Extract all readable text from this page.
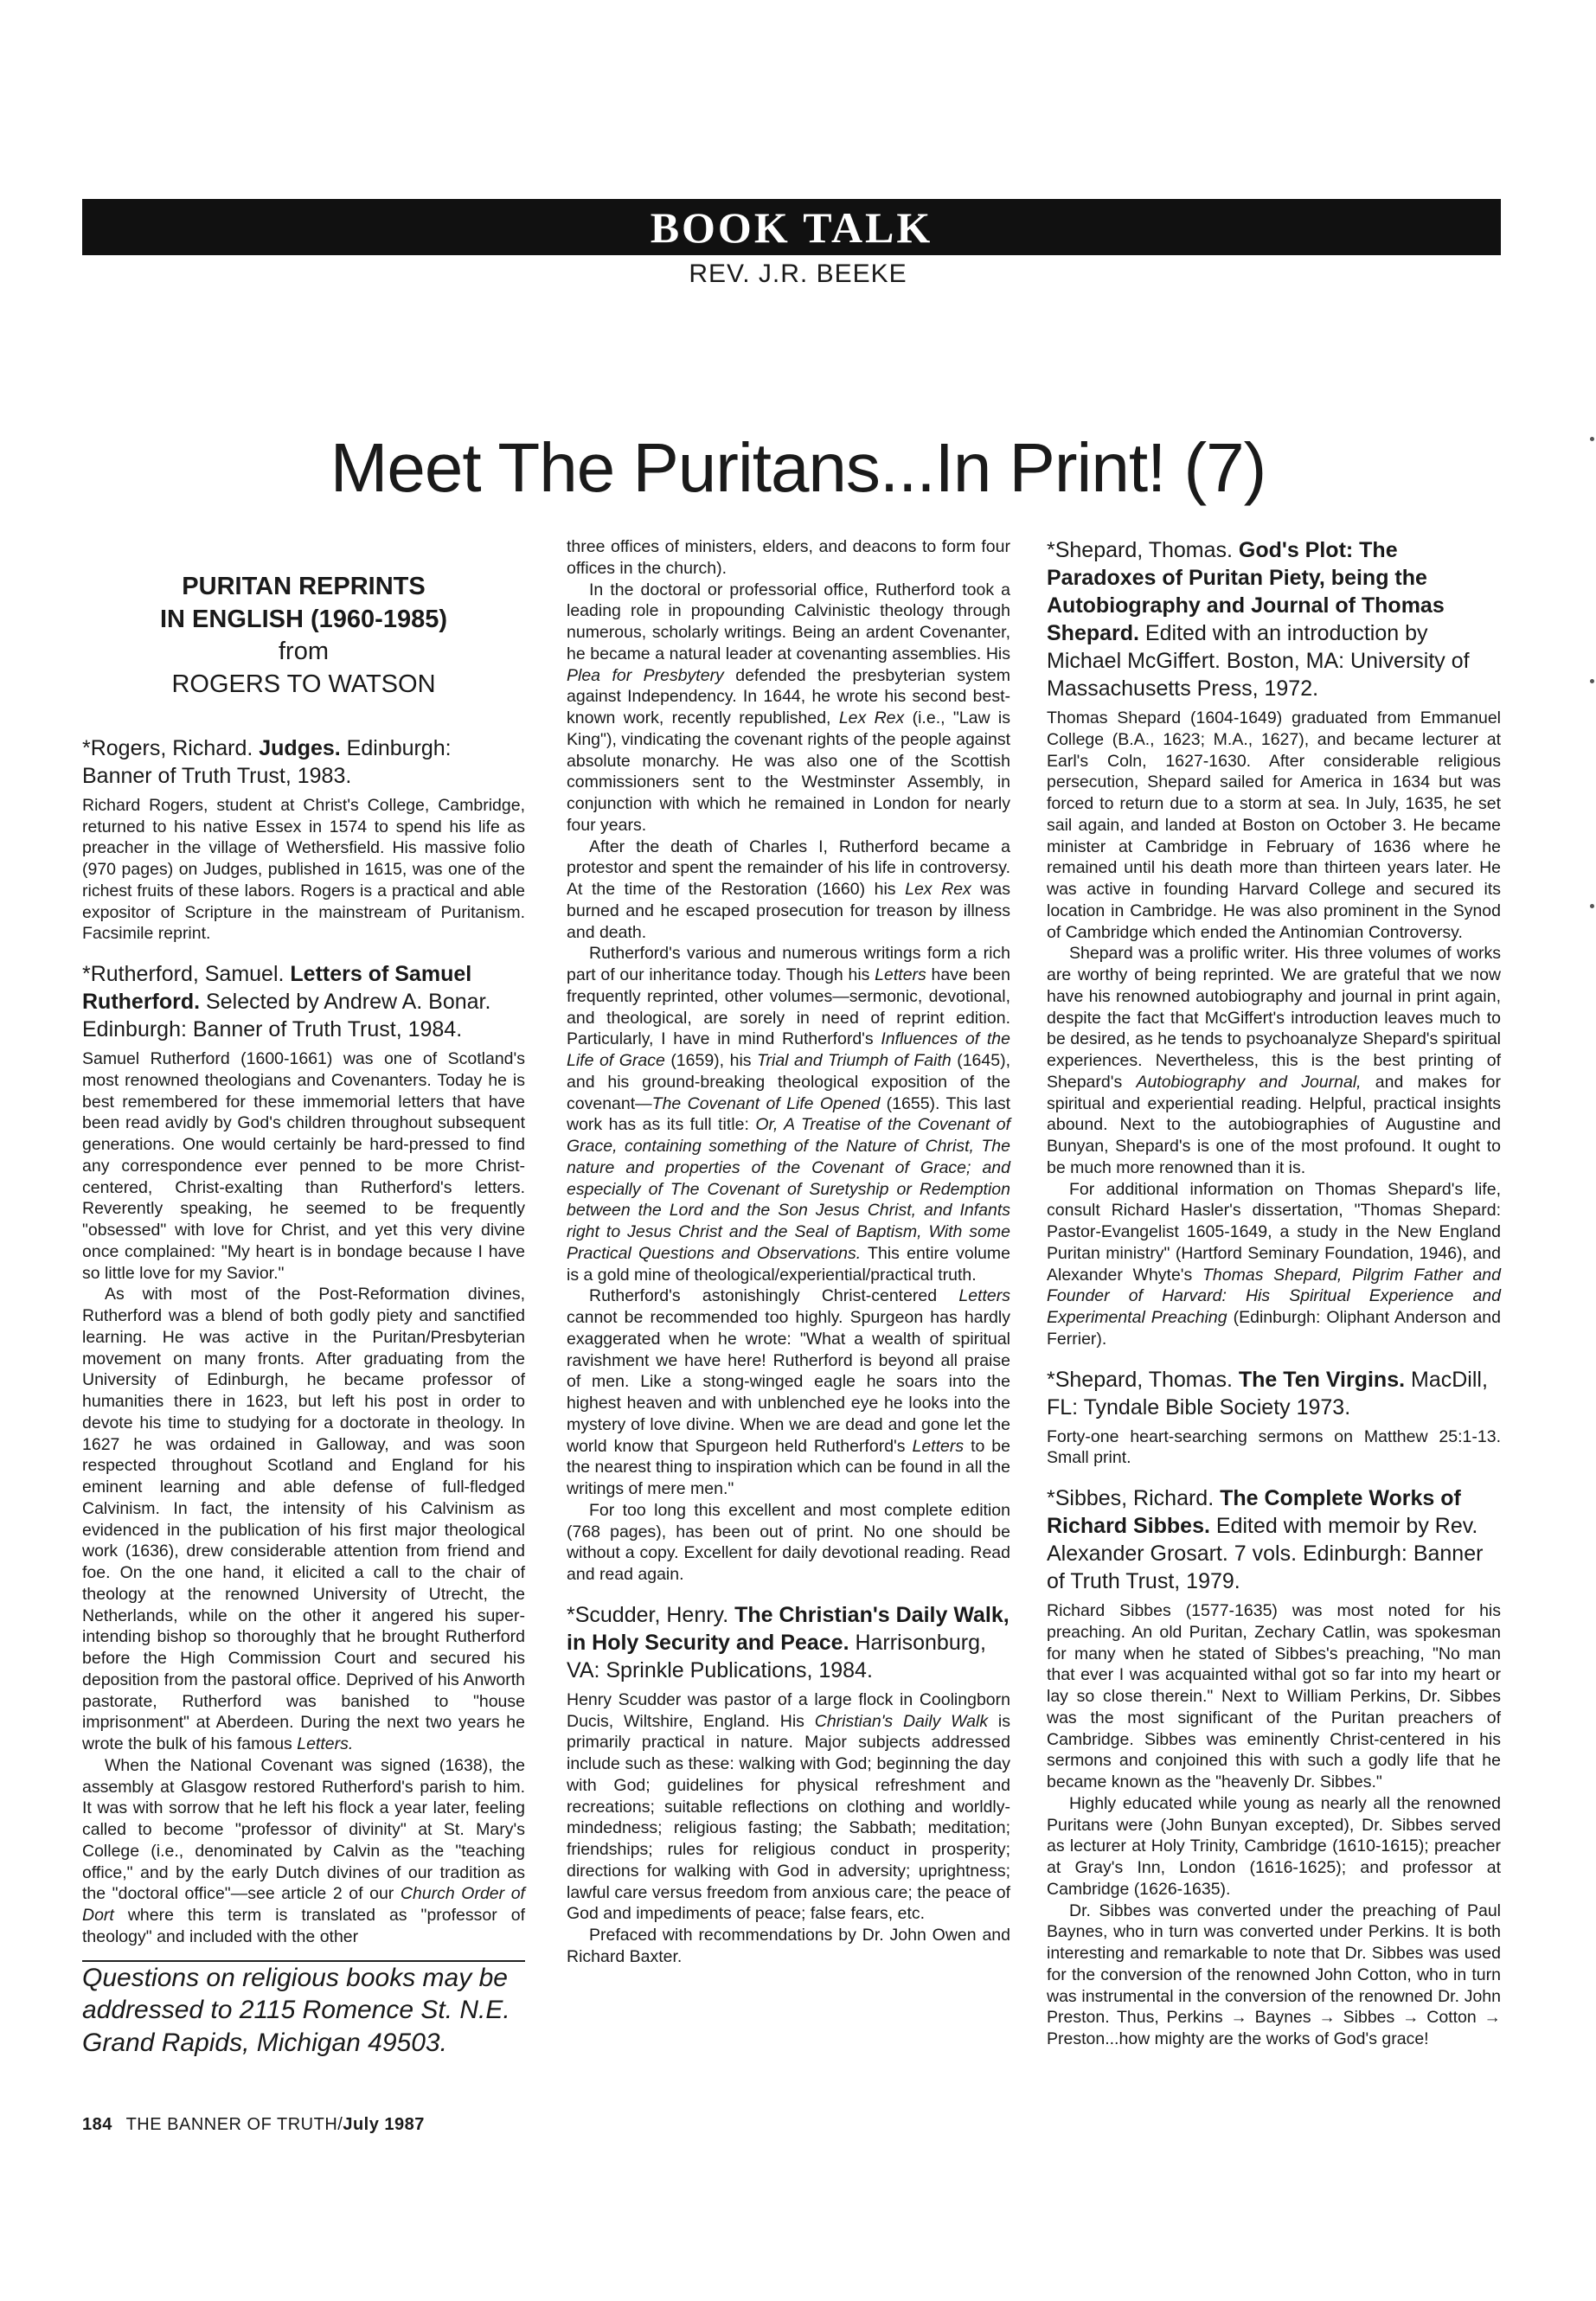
BOOK TALK
REV. J.R. BEEKE
Meet The Puritans...In Print! (7)
PURITAN REPRINTS
IN ENGLISH (1960-1985)
from
ROGERS TO WATSON

*Rogers, Richard. Judges. Edinburgh: Banner of Truth Trust, 1983.

Richard Rogers, student at Christ's College, Cambridge, returned to his native Essex in 1574 to spend his life as preacher in the village of Wethersfield. His massive folio (970 pages) on Judges, published in 1615, was one of the richest fruits of these labors. Rogers is a practical and able expositor of Scripture in the mainstream of Puritanism. Facsimile reprint.

*Rutherford, Samuel. Letters of Samuel Rutherford. Selected by Andrew A. Bonar. Edinburgh: Banner of Truth Trust, 1984.

Samuel Rutherford (1600-1661) was one of Scotland's most renowned theologians and Covenanters. Today he is best remembered for these immemorial letters that have been read avidly by God's children throughout subsequent generations. One would certainly be hard-pressed to find any correspondence ever penned to be more Christ-centered, Christ-exalting than Rutherford's letters. Reverently speaking, he seemed to be frequently "obsessed" with love for Christ, and yet this very divine once complained: "My heart is in bondage because I have so little love for my Savior."

As with most of the Post-Reformation divines, Rutherford was a blend of both godly piety and sanctified learning. He was active in the Puritan/Presbyterian movement on many fronts. After graduating from the University of Edinburgh, he became professor of humanities there in 1623, but left his post in order to devote his time to studying for a doctorate in theology. In 1627 he was ordained in Galloway, and was soon respected throughout Scotland and England for his eminent learning and able defense of full-fledged Calvinism. In fact, the intensity of his Calvinism as evidenced in the publication of his first major theological work (1636), drew considerable attention from friend and foe. On the one hand, it elicited a call to the chair of theology at the renowned University of Utrecht, the Netherlands, while on the other it angered his super-intending bishop so thoroughly that he brought Rutherford before the High Commission Court and secured his deposition from the pastoral office. Deprived of his Anworth pastorate, Rutherford was banished to "house imprisonment" at Aberdeen. During the next two years he wrote the bulk of his famous Letters.

When the National Covenant was signed (1638), the assembly at Glasgow restored Rutherford's parish to him. It was with sorrow that he left his flock a year later, feeling called to become "professor of divinity" at St. Mary's College (i.e., denominated by Calvin as the "teaching office," and by the early Dutch divines of our tradition as the "doctoral office"—see article 2 of our Church Order of Dort where this term is translated as "professor of theology" and included with the other

Questions on religious books may be addressed to 2115 Romence St. N.E. Grand Rapids, Michigan 49503.

three offices of ministers, elders, and deacons to form four offices in the church).

In the doctoral or professorial office, Rutherford took a leading role in propounding Calvinistic theology through numerous, scholarly writings. Being an ardent Covenanter, he became a natural leader at covenanting assemblies. His Plea for Presbytery defended the presbyterian system against Independency. In 1644, he wrote his second best-known work, recently republished, Lex Rex (i.e., "Law is King"), vindicating the covenant rights of the people against absolute monarchy. He was also one of the Scottish commissioners sent to the Westminster Assembly, in conjunction with which he remained in London for nearly four years.

After the death of Charles I, Rutherford became a protestor and spent the remainder of his life in controversy. At the time of the Restoration (1660) his Lex Rex was burned and he escaped prosecution for treason by illness and death.

Rutherford's various and numerous writings form a rich part of our inheritance today. Though his Letters have been frequently reprinted, other volumes—sermonic, devotional, and theological, are sorely in need of reprint edition. Particularly, I have in mind Rutherford's Influences of the Life of Grace (1659), his Trial and Triumph of Faith (1645), and his ground-breaking theological exposition of the covenant—The Covenant of Life Opened (1655). This last work has as its full title: Or, A Treatise of the Covenant of Grace, containing something of the Nature of Christ, The nature and properties of the Covenant of Grace; and especially of The Covenant of Suretyship or Redemption between the Lord and the Son Jesus Christ, and Infants right to Jesus Christ and the Seal of Baptism, With some Practical Questions and Observations. This entire volume is a gold mine of theological/experiential/practical truth.

Rutherford's astonishingly Christ-centered Letters cannot be recommended too highly. Spurgeon has hardly exaggerated when he wrote: "What a wealth of spiritual ravishment we have here! Rutherford is beyond all praise of men. Like a stong-winged eagle he soars into the highest heaven and with unblenched eye he looks into the mystery of love divine. When we are dead and gone let the world know that Spurgeon held Rutherford's Letters to be the nearest thing to inspiration which can be found in all the writings of mere men."

For too long this excellent and most complete edition (768 pages), has been out of print. No one should be without a copy. Excellent for daily devotional reading. Read and read again.

*Scudder, Henry. The Christian's Daily Walk, in Holy Security and Peace. Harrisonburg, VA: Sprinkle Publications, 1984.

Henry Scudder was pastor of a large flock in Coolingborn Ducis, Wiltshire, England. His Christian's Daily Walk is primarily practical in nature. Major subjects addressed include such as these: walking with God; beginning the day with God; guidelines for physical refreshment and recreations; suitable reflections on clothing and worldly-mindedness; religious fasting; the Sabbath; meditation; friendships; rules for religious conduct in prosperity; directions for walking with God in adversity; uprightness; lawful care versus freedom from anxious care; the peace of God and impediments of peace; false fears, etc.

Prefaced with recommendations by Dr. John Owen and Richard Baxter.

*Shepard, Thomas. God's Plot: The Paradoxes of Puritan Piety, being the Autobiography and Journal of Thomas Shepard. Edited with an introduction by Michael McGiffert. Boston, MA: University of Massachusetts Press, 1972.

Thomas Shepard (1604-1649) graduated from Emmanuel College (B.A., 1623; M.A., 1627), and became lecturer at Earl's Coln, 1627-1630. After considerable religious persecution, Shepard sailed for America in 1634 but was forced to return due to a storm at sea. In July, 1635, he set sail again, and landed at Boston on October 3. He became minister at Cambridge in February of 1636 where he remained until his death more than thirteen years later. He was active in founding Harvard College and secured its location in Cambridge. He was also prominent in the Synod of Cambridge which ended the Antinomian Controversy.

Shepard was a prolific writer. His three volumes of works are worthy of being reprinted. We are grateful that we now have his renowned autobiography and journal in print again, despite the fact that McGiffert's introduction leaves much to be desired, as he tends to psychoanalyze Shepard's spiritual experiences. Nevertheless, this is the best printing of Shepard's Autobiography and Journal, and makes for spiritual and experiential reading. Helpful, practical insights abound. Next to the autobiographies of Augustine and Bunyan, Shepard's is one of the most profound. It ought to be much more renowned than it is.

For additional information on Thomas Shepard's life, consult Richard Hasler's dissertation, "Thomas Shepard: Pastor-Evangelist 1605-1649, a study in the New England Puritan ministry" (Hartford Seminary Foundation, 1946), and Alexander Whyte's Thomas Shepard, Pilgrim Father and Founder of Harvard: His Spiritual Experience and Experimental Preaching (Edinburgh: Oliphant Anderson and Ferrier).

*Shepard, Thomas. The Ten Virgins. MacDill, FL: Tyndale Bible Society 1973.

Forty-one heart-searching sermons on Matthew 25:1-13. Small print.

*Sibbes, Richard. The Complete Works of Richard Sibbes. Edited with memoir by Rev. Alexander Grosart. 7 vols. Edinburgh: Banner of Truth Trust, 1979.

Richard Sibbes (1577-1635) was most noted for his preaching. An old Puritan, Zechary Catlin, was spokesman for many when he stated of Sibbes's preaching, "No man that ever I was acquainted withal got so far into my heart or lay so close therein." Next to William Perkins, Dr. Sibbes was the most significant of the Puritan preachers of Cambridge. Sibbes was eminently Christ-centered in his sermons and conjoined this with such a godly life that he became known as the "heavenly Dr. Sibbes."

Highly educated while young as nearly all the renowned Puritans were (John Bunyan excepted), Dr. Sibbes served as lecturer at Holy Trinity, Cambridge (1610-1615); preacher at Gray's Inn, London (1616-1625); and professor at Cambridge (1626-1635).

Dr. Sibbes was converted under the preaching of Paul Baynes, who in turn was converted under Perkins. It is both interesting and remarkable to note that Dr. Sibbes was used for the conversion of the renowned John Cotton, who in turn was instrumental in the conversion of the renowned Dr. John Preston. Thus, Perkins → Baynes → Sibbes → Cotton → Preston...how mighty are the works of God's grace!

184 THE BANNER OF TRUTH/July 1987
